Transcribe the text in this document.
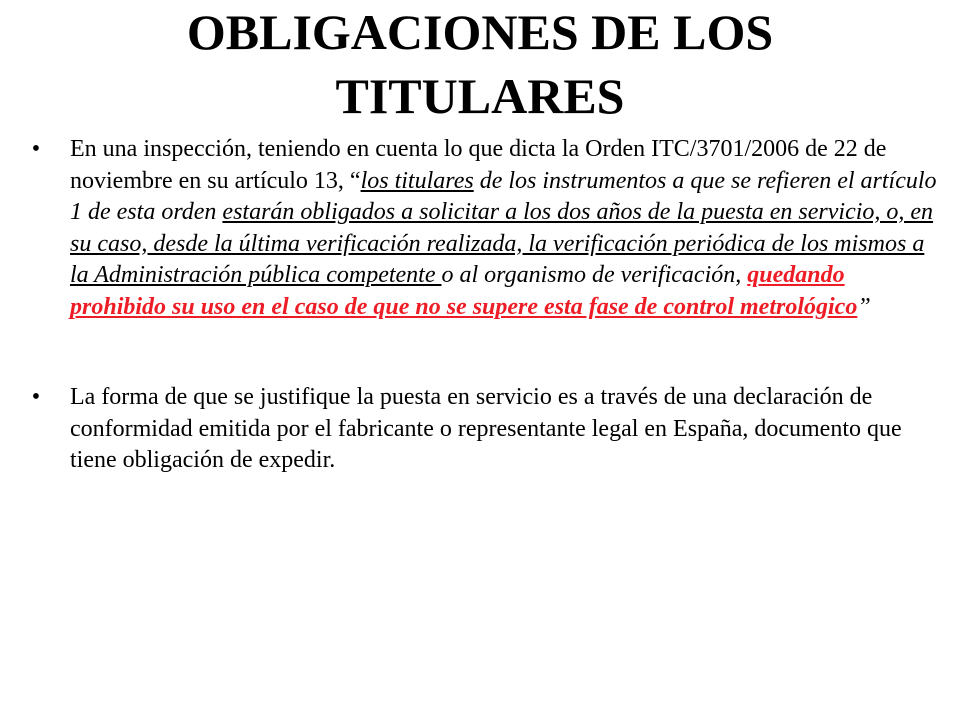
OBLIGACIONES DE LOS TITULARES
• En una inspección, teniendo en cuenta lo que dicta la Orden ITC/3701/2006 de 22 de noviembre en su artículo 13, “los titulares de los instrumentos a que se refieren el artículo 1 de esta orden estarán obligados a solicitar a los dos años de la puesta en servicio, o, en su caso, desde la última verificación realizada, la verificación periódica de los mismos a la Administración pública competente o al organismo de verificación, quedando prohibido su uso en el caso de que no se supere esta fase de control metrológico”
• La forma de que se justifique la puesta en servicio es a través de una declaración de conformidad emitida por el fabricante o representante legal en España, documento que tiene obligación de expedir.
